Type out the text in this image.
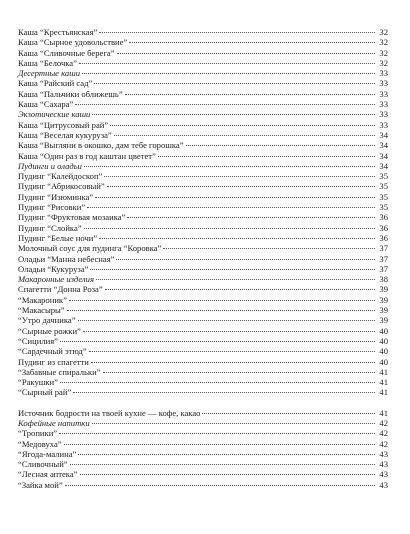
Каша “Крестьянская”	32
Каша “Сырное удовольствие”	32
Каша “Сливочные берега”	32
Каша “Белочка”	32
Десертные каши	33
Каша “Райский сад”	33
Каша “Пальчики оближешь”	33
Каша “Сахара”	33
Экзотические каши	33
Каша “Цитрусовый рай”	33
Каша “Веселая кукуруза”	34
Каша “Выгляни в окошко, дам тебе горошка”	34
Каша “Один раз в год каштан цветет”	34
Пудинги и оладьи	34
Пудинг “Калейдоскоп”	35
Пудинг “Абрикосовый”	35
Пудинг “Изюминка”	35
Пудинг “Рисовки”	35
Пудинг “Фруктовая мозаика”	36
Пудинг “Слойка”	36
Пудинг “Белые ночи”	36
Молочный соус для пудинга “Коровка”	37
Оладьи “Манна небесная”	37
Оладьи “Кукуруза”	37
Макаронные изделия	38
Спагетти “Донна Роза”	39
“Макароник”	39
“Макасыры”	39
“Утро дачника”	39
“Сырные рожки”	40
“Сицилия”	40
“Сардечный этюд”	40
Пудинг из спагетти	40
“Забавные спиральки”	41
“Ракушки”	41
“Сырный рай”	41
Источник бодрости на твоей кухне — кофе, какао	41
Кофейные напитки	42
“Тропики”	42
“Медовуха”	42
“Ягода-малина”	43
“Сливочный”	43
“Лесная аптека”	43
“Зайка мой”	43
